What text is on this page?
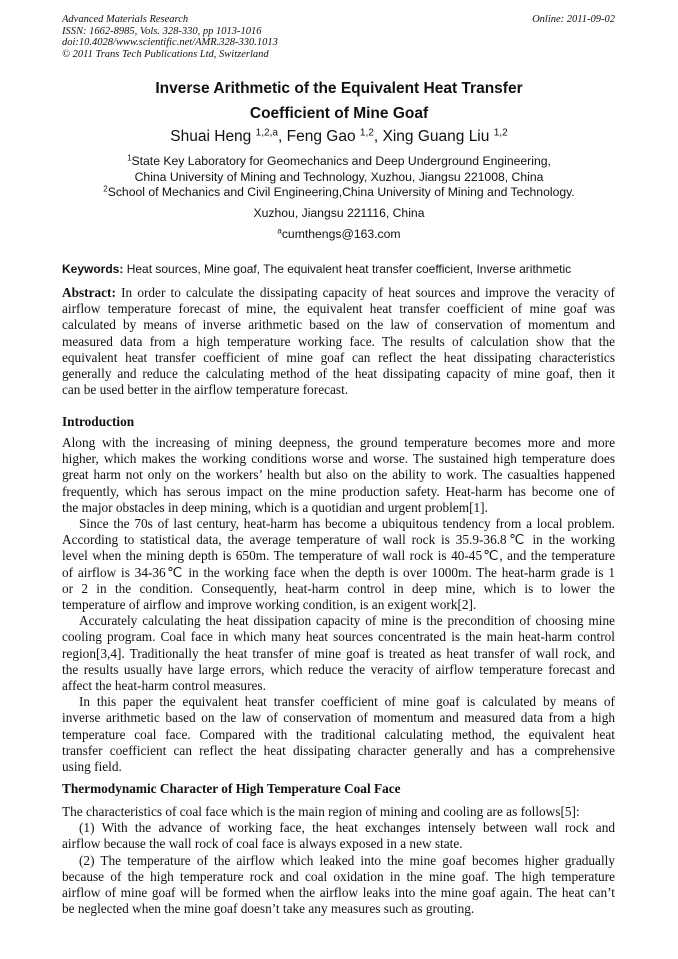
Advanced Materials Research
ISSN: 1662-8985, Vols. 328-330, pp 1013-1016
doi:10.4028/www.scientific.net/AMR.328-330.1013
© 2011 Trans Tech Publications Ltd, Switzerland
Online: 2011-09-02
Inverse Arithmetic of the Equivalent Heat Transfer
Coefficient of Mine Goaf
Shuai Heng $^{1,2,a}$, Feng Gao $^{1,2}$, Xing Guang Liu $^{1,2}$
$^1$State Key Laboratory for Geomechanics and Deep Underground Engineering,
China University of Mining and Technology, Xuzhou, Jiangsu 221008, China
$^2$School of Mechanics and Civil Engineering,China University of Mining and Technology.
Xuzhou, Jiangsu 221116, China
$^a$cumthengs@163.com
Keywords: Heat sources, Mine goaf, The equivalent heat transfer coefficient, Inverse arithmetic
Abstract: In order to calculate the dissipating capacity of heat sources and improve the veracity of
airflow temperature forecast of mine, the equivalent heat transfer coefficient of mine goaf was
calculated by means of inverse arithmetic based on the law of conservation of momentum and
measured data from a high temperature working face. The results of calculation show that the
equivalent heat transfer coefficient of mine goaf can reflect the heat dissipating characteristics
generally and reduce the calculating method of the heat dissipating capacity of mine goaf, then it
can be used better in the airflow temperature forecast.
Introduction
Along with the increasing of mining deepness, the ground temperature becomes more and more
higher, which makes the working conditions worse and worse. The sustained high temperature does
great harm not only on the workers’ health but also on the ability to work. The casualties happened
frequently, which has serous impact on the mine production safety. Heat-harm has become one of
the major obstacles in deep mining, which is a quotidian and urgent problem[1].
Since the 70s of last century, heat-harm has become a ubiquitous tendency from a local problem.
According to statistical data, the average temperature of wall rock is 35.9-36.8℃ in the working
level when the mining depth is 650m. The temperature of wall rock is 40-45℃, and the temperature
of airflow is 34-36℃ in the working face when the depth is over 1000m. The heat-harm grade is 1
or 2 in the condition. Consequently, heat-harm control in deep mine, which is to lower the
temperature of airflow and improve working condition, is an exigent work[2].
Accurately calculating the heat dissipation capacity of mine is the precondition of choosing mine
cooling program. Coal face in which many heat sources concentrated is the main heat-harm control
region[3,4]. Traditionally the heat transfer of mine goaf is treated as heat transfer of wall rock, and
the results usually have large errors, which reduce the veracity of airflow temperature forecast and
affect the heat-harm control measures.
In this paper the equivalent heat transfer coefficient of mine goaf is calculated by means of
inverse arithmetic based on the law of conservation of momentum and measured data from a high
temperature coal face. Compared with the traditional calculating method, the equivalent heat
transfer coefficient can reflect the heat dissipating character generally and has a comprehensive
using field.
Thermodynamic Character of High Temperature Coal Face
The characteristics of coal face which is the main region of mining and cooling are as follows[5]:
(1) With the advance of working face, the heat exchanges intensely between wall rock and
airflow because the wall rock of coal face is always exposed in a new state.
(2) The temperature of the airflow which leaked into the mine goaf becomes higher gradually
because of the high temperature rock and coal oxidation in the mine goaf. The high temperature
airflow of mine goaf will be formed when the airflow leaks into the mine goaf again. The heat can’t
be neglected when the mine goaf doesn’t take any measures such as grouting.
